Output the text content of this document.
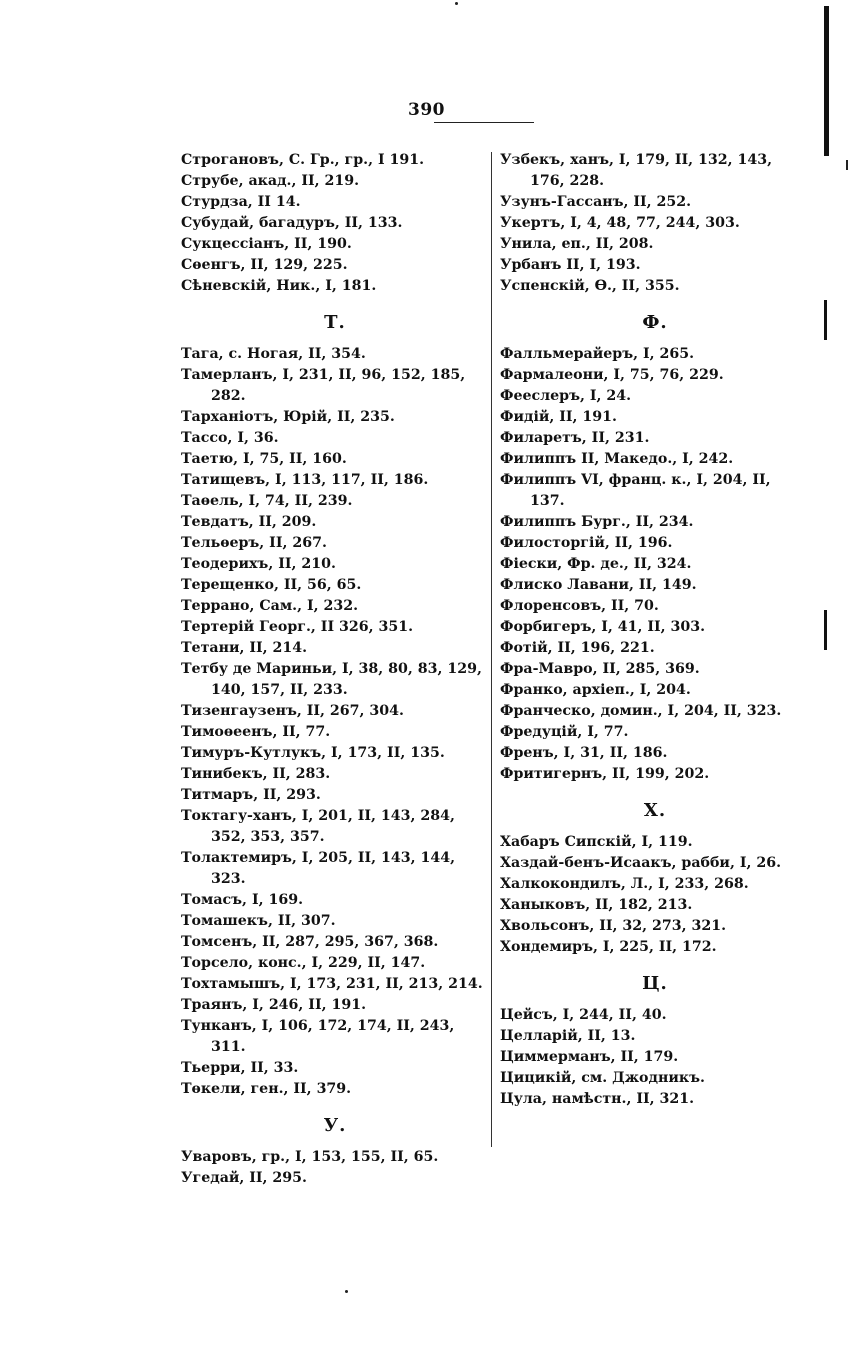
390
Строгановъ, С. Гр., гр., I 191.
Струбе, акад., II, 219.
Стурдза, II 14.
Субудай, багадуръ, II, 133.
Сукцессіанъ, II, 190.
Сѳенгъ, II, 129, 225.
Сѣневскій, Ник., I, 181.
Т.
Тага, с. Ногая, II, 354.
Тамерланъ, I, 231, II, 96, 152, 185, 282.
Тарханіотъ, Юрій, II, 235.
Тассо, I, 36.
Таетю, I, 75, II, 160.
Татищевъ, I, 113, 117, II, 186.
Таѳель, I, 74, II, 239.
Тевдатъ, II, 209.
Тельѳеръ, II, 267.
Теодерихъ, II, 210.
Терещенко, II, 56, 65.
Террано, Сам., I, 232.
Тертерій Георг., II 326, 351.
Тетани, II, 214.
Тетбу де Мариньи, I, 38, 80, 83, 129, 140, 157, II, 233.
Тизенгаузенъ, II, 267, 304.
Тимоѳеенъ, II, 77.
Тимуръ-Кутлукъ, I, 173, II, 135.
Тинибекъ, II, 283.
Титмаръ, II, 293.
Токтагу-ханъ, I, 201, II, 143, 284, 352, 353, 357.
Толактемиръ, I, 205, II, 143, 144, 323.
Томасъ, I, 169.
Томашекъ, II, 307.
Томсенъ, II, 287, 295, 367, 368.
Торсело, конс., I, 229, II, 147.
Тохтамышъ, I, 173, 231, II, 213, 214.
Траянъ, I, 246, II, 191.
Тунканъ, I, 106, 172, 174, II, 243, 311.
Тьерри, II, 33.
Тѳкели, ген., II, 379.
У.
Уваровъ, гр., I, 153, 155, II, 65.
Угедай, II, 295.
Узбекъ, ханъ, I, 179, II, 132, 143, 176, 228.
Узунъ-Гассанъ, II, 252.
Укертъ, I, 4, 48, 77, 244, 303.
Унила, еп., II, 208.
Урбанъ II, I, 193.
Успенскій, Ѳ., II, 355.
Ф.
Фалльмерайеръ, I, 265.
Фармалеони, I, 75, 76, 229.
Фееслеръ, I, 24.
Фидій, II, 191.
Филаретъ, II, 231.
Филиппъ II, Македо., I, 242.
Филиппъ VI, франц. к., I, 204, II, 137.
Филиппъ Бург., II, 234.
Филосторгій, II, 196.
Фіески, Фр. де., II, 324.
Флиско Лавани, II, 149.
Флоренсовъ, II, 70.
Форбигеръ, I, 41, II, 303.
Фотій, II, 196, 221.
Фра-Мавро, II, 285, 369.
Франко, архіеп., I, 204.
Франческо, домин., I, 204, II, 323.
Фредуцій, I, 77.
Френъ, I, 31, II, 186.
Фритигернъ, II, 199, 202.
Х.
Хабаръ Сипскій, I, 119.
Хаздай-бенъ-Исаакъ, рабби, I, 26.
Халкокондилъ, Л., I, 233, 268.
Ханыковъ, II, 182, 213.
Хвольсонъ, II, 32, 273, 321.
Хондемиръ, I, 225, II, 172.
Ц.
Цейсъ, I, 244, II, 40.
Целларій, II, 13.
Циммерманъ, II, 179.
Цицикій, см. Джодникъ.
Цула, намѣстн., II, 321.
